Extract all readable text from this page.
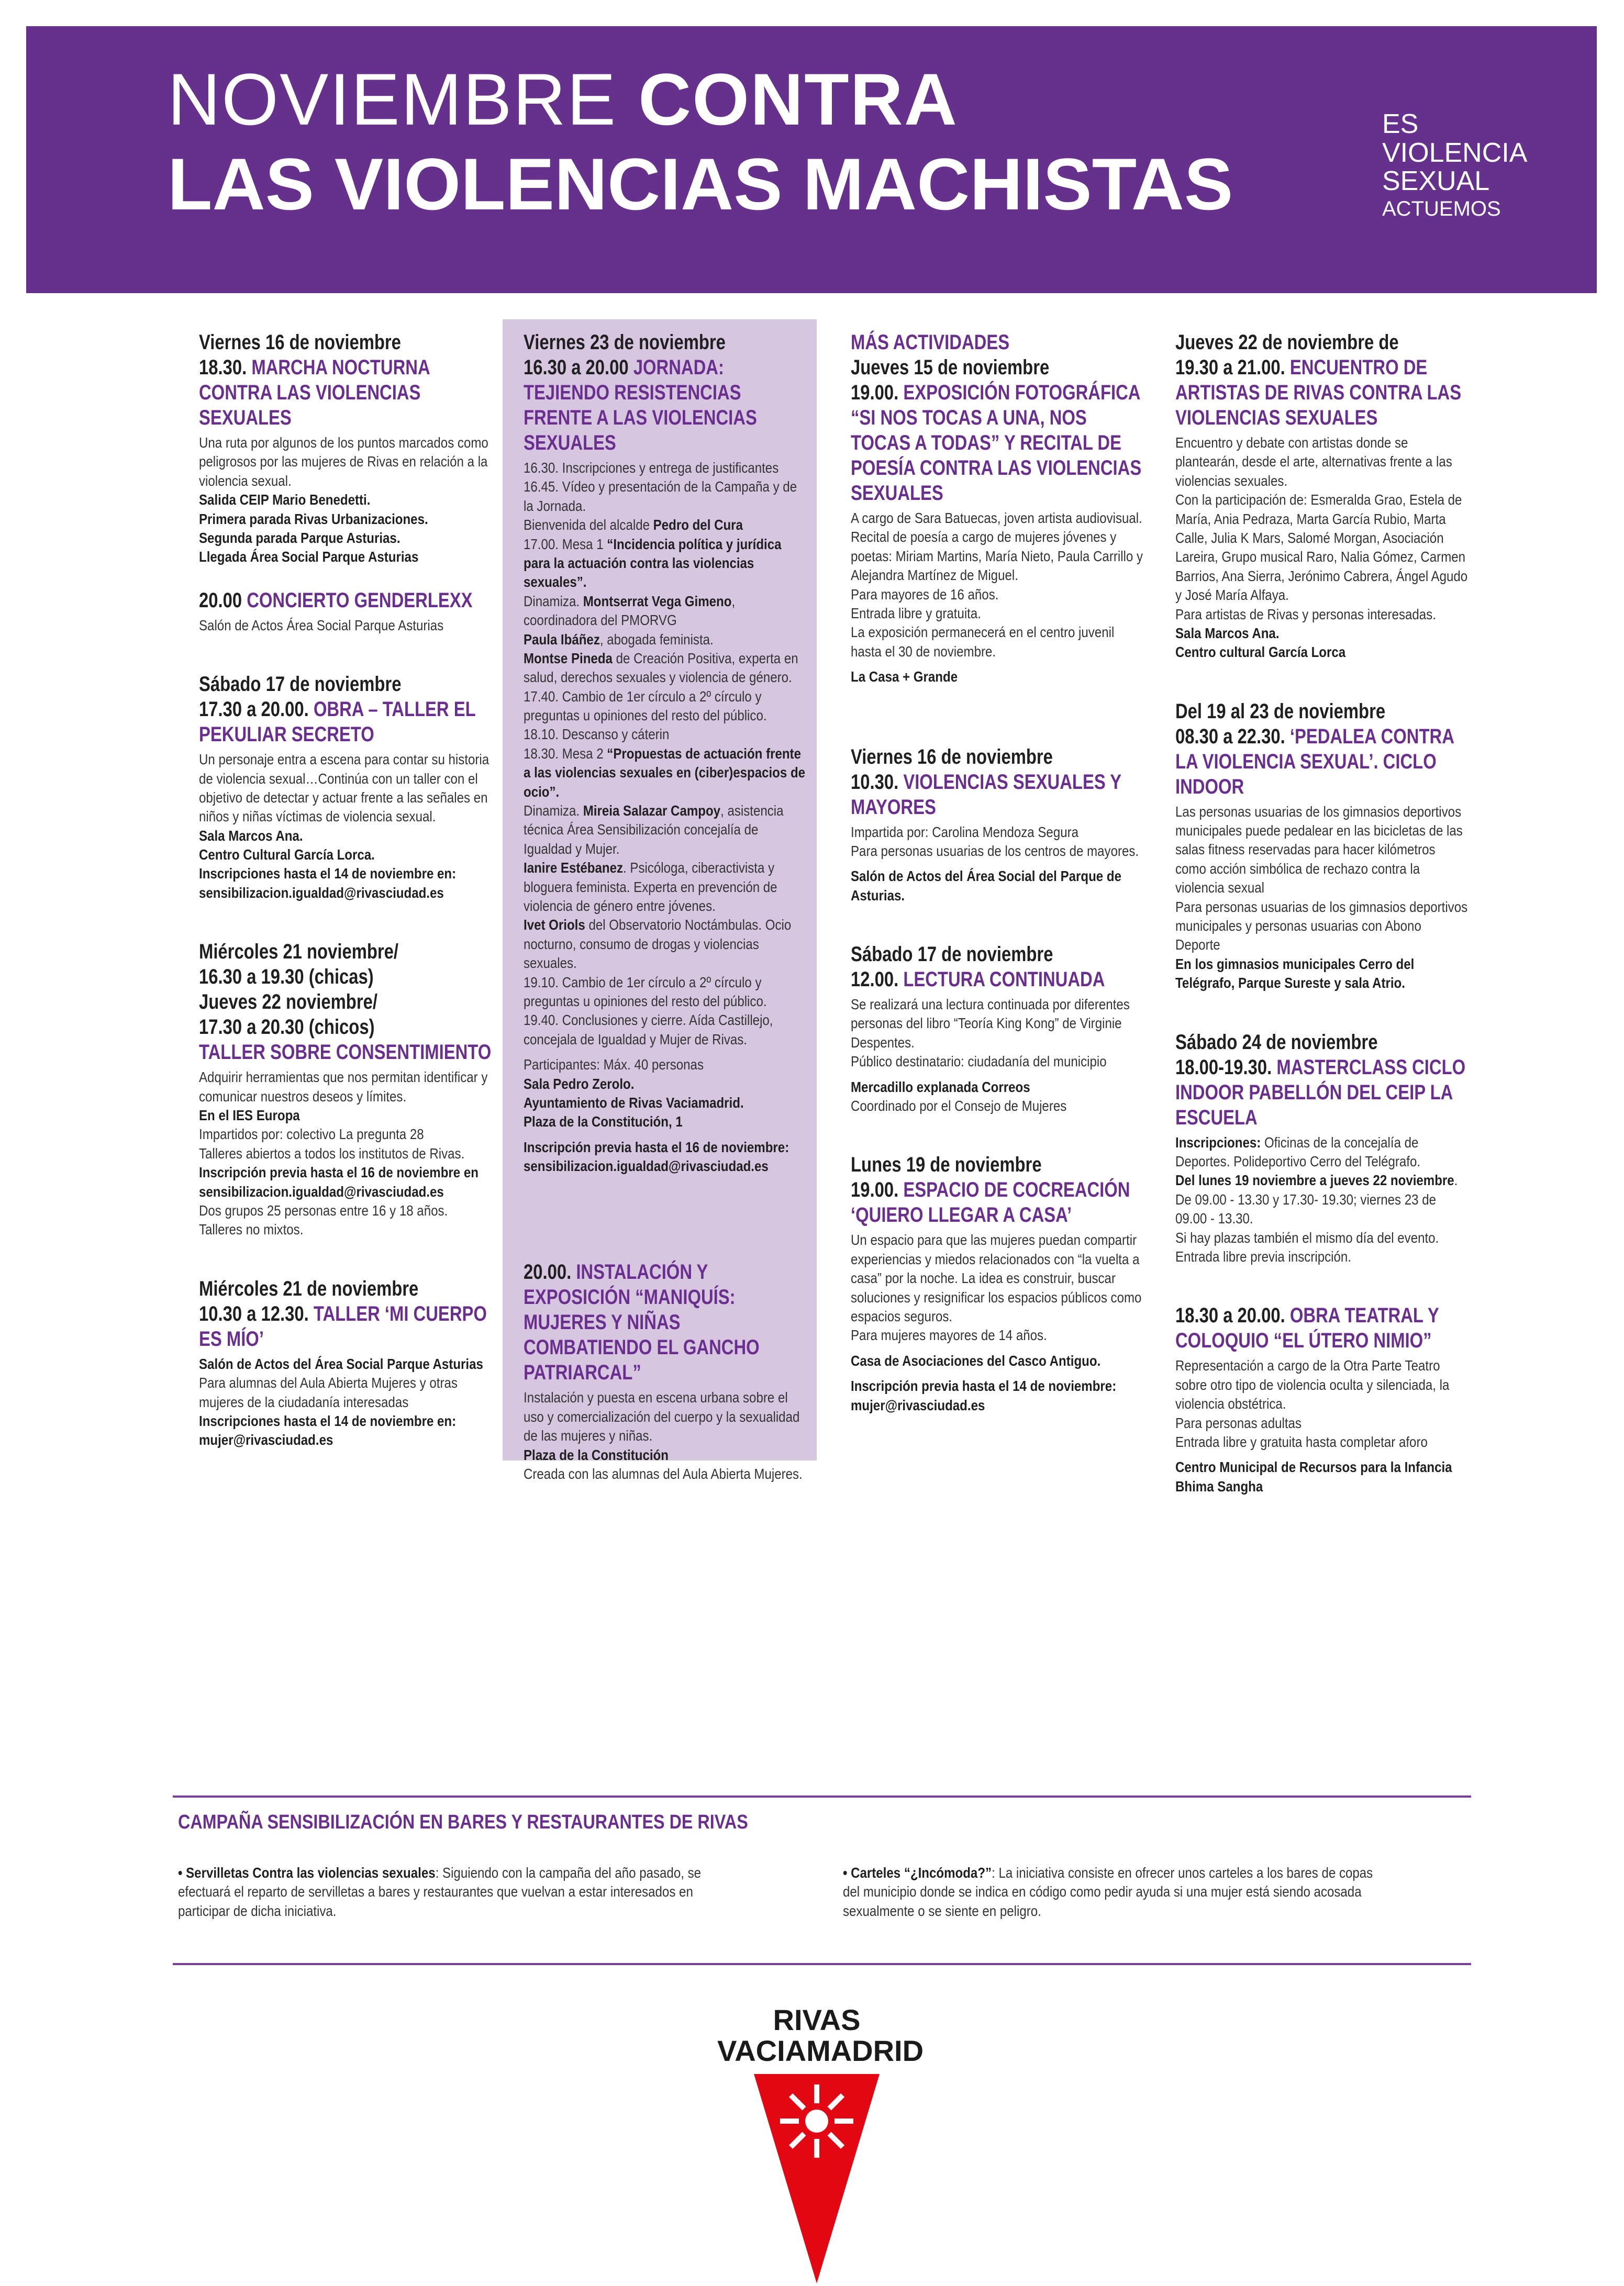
NOVIEMBRE CONTRA
LAS VIOLENCIAS MACHISTAS
ES
VIOLENCIA
SEXUAL
ACTUEMOS
Viernes 16 de noviembre
18.30. MARCHA NOCTURNA CONTRA LAS VIOLENCIAS SEXUALES

Una ruta por algunos de los puntos marcados como peligrosos por las mujeres de Rivas en relación a la violencia sexual.

Salida CEIP Mario Benedetti.

Primera parada Rivas Urbanizaciones.

Segunda parada Parque Asturias.

Llegada Área Social Parque Asturias

20.00 CONCIERTO GENDERLEXX

Salón de Actos Área Social Parque Asturias

Sábado 17 de noviembre
17.30 a 20.00. OBRA – TALLER EL PEKULIAR SECRETO

Un personaje entra a escena para contar su historia de violencia sexual…Continúa con un taller con el objetivo de detectar y actuar frente a las señales en niños y niñas víctimas de violencia sexual.

Sala Marcos Ana.

Centro Cultural García Lorca.

Inscripciones hasta el 14 de noviembre en:

sensibilizacion.igualdad@rivasciudad.es

Miércoles 21 noviembre/
16.30 a 19.30 (chicas)
Jueves 22 noviembre/
17.30 a 20.30 (chicos)
TALLER SOBRE CONSENTIMIENTO

Adquirir herramientas que nos permitan identificar y comunicar nuestros deseos y límites.

En el IES Europa

Impartidos por: colectivo La pregunta 28

Talleres abiertos a todos los institutos de Rivas.

Inscripción previa hasta el 16 de noviembre en sensibilizacion.igualdad@rivasciudad.es

Dos grupos 25 personas entre 16 y 18 años.

Talleres no mixtos.

Miércoles 21 de noviembre
10.30 a 12.30. TALLER ‘MI CUERPO ES MÍO’

Salón de Actos del Área Social Parque Asturias

Para alumnas del Aula Abierta Mujeres y otras mujeres de la ciudadanía interesadas

Inscripciones hasta el 14 de noviembre en:

mujer@rivasciudad.es

Viernes 23 de noviembre
16.30 a 20.00 JORNADA: TEJIENDO RESISTENCIAS FRENTE A LAS VIOLENCIAS SEXUALES

16.30. Inscripciones y entrega de justificantes

16.45. Vídeo y presentación de la Campaña y de la Jornada.

Bienvenida del alcalde Pedro del Cura

17.00. Mesa 1 “Incidencia política y jurídica para la actuación contra las violencias sexuales”.

Dinamiza. Montserrat Vega Gimeno, coordinadora del PMORVG

Paula Ibáñez, abogada feminista.

Montse Pineda de Creación Positiva, experta en salud, derechos sexuales y violencia de género.

17.40. Cambio de 1er círculo a 2º círculo y preguntas u opiniones del resto del público.

18.10. Descanso y cáterin

18.30. Mesa 2 “Propuestas de actuación frente a las violencias sexuales en (ciber)espacios de ocio”.

Dinamiza. Mireia Salazar Campoy, asistencia técnica Área Sensibilización concejalía de Igualdad y Mujer.

Ianire Estébanez. Psicóloga, ciberactivista y bloguera feminista. Experta en prevención de violencia de género entre jóvenes.

Ivet Oriols del Observatorio Noctámbulas. Ocio nocturno, consumo de drogas y violencias sexuales.

19.10. Cambio de 1er círculo a 2º círculo y preguntas u opiniones del resto del público.

19.40. Conclusiones y cierre. Aída Castillejo, concejala de Igualdad y Mujer de Rivas.

Participantes: Máx. 40 personas

Sala Pedro Zerolo.

Ayuntamiento de Rivas Vaciamadrid.

Plaza de la Constitución, 1

Inscripción previa hasta el 16 de noviembre: sensibilizacion.igualdad@rivasciudad.es

20.00. INSTALACIÓN Y EXPOSICIÓN “MANIQUÍS: MUJERES Y NIÑAS COMBATIENDO EL GANCHO PATRIARCAL”

Instalación y puesta en escena urbana sobre el uso y comercialización del cuerpo y la sexualidad de las mujeres y niñas.

Plaza de la Constitución

Creada con las alumnas del Aula Abierta Mujeres.

MÁS ACTIVIDADES
Jueves 15 de noviembre
19.00. EXPOSICIÓN FOTOGRÁFICA “SI NOS TOCAS A UNA, NOS TOCAS A TODAS” Y RECITAL DE POESÍA CONTRA LAS VIOLENCIAS SEXUALES

A cargo de Sara Batuecas, joven artista audiovisual.

Recital de poesía a cargo de mujeres jóvenes y poetas: Miriam Martins, María Nieto, Paula Carrillo y Alejandra Martínez de Miguel.

Para mayores de 16 años.

Entrada libre y gratuita.

La exposición permanecerá en el centro juvenil hasta el 30 de noviembre.

La Casa + Grande

Viernes 16 de noviembre
10.30. VIOLENCIAS SEXUALES Y MAYORES

Impartida por: Carolina Mendoza Segura

Para personas usuarias de los centros de mayores.

Salón de Actos del Área Social del Parque de Asturias.

Sábado 17 de noviembre
12.00. LECTURA CONTINUADA

Se realizará una lectura continuada por diferentes personas del libro “Teoría King Kong” de Virginie Despentes.

Público destinatario: ciudadanía del municipio

Mercadillo explanada Correos

Coordinado por el Consejo de Mujeres

Lunes 19 de noviembre
19.00. ESPACIO DE COCREACIÓN ‘QUIERO LLEGAR A CASA’

Un espacio para que las mujeres puedan compartir experiencias y miedos relacionados con “la vuelta a casa” por la noche. La idea es construir, buscar soluciones y resignificar los espacios públicos como espacios seguros.

Para mujeres mayores de 14 años.

Casa de Asociaciones del Casco Antiguo.

Inscripción previa hasta el 14 de noviembre: mujer@rivasciudad.es

Jueves 22 de noviembre de
19.30 a 21.00. ENCUENTRO DE ARTISTAS DE RIVAS CONTRA LAS VIOLENCIAS SEXUALES

Encuentro y debate con artistas donde se plantearán, desde el arte, alternativas frente a las violencias sexuales.

Con la participación de: Esmeralda Grao, Estela de María, Ania Pedraza, Marta García Rubio, Marta Calle, Julia K Mars, Salomé Morgan, Asociación Lareira, Grupo musical Raro, Nalia Gómez, Carmen Barrios, Ana Sierra, Jerónimo Cabrera, Ángel Agudo y José María Alfaya.

Para artistas de Rivas y personas interesadas.

Sala Marcos Ana.

Centro cultural García Lorca

Del 19 al 23 de noviembre
08.30 a 22.30. ‘PEDALEA CONTRA LA VIOLENCIA SEXUAL’. CICLO INDOOR

Las personas usuarias de los gimnasios deportivos municipales puede pedalear en las bicicletas de las salas fitness reservadas para hacer kilómetros como acción simbólica de rechazo contra la violencia sexual

Para personas usuarias de los gimnasios deportivos municipales y personas usuarias con Abono Deporte

En los gimnasios municipales Cerro del Telégrafo, Parque Sureste y sala Atrio.

Sábado 24 de noviembre
18.00-19.30. MASTERCLASS CICLO INDOOR PABELLÓN DEL CEIP LA ESCUELA

Inscripciones: Oficinas de la concejalía de Deportes. Polideportivo Cerro del Telégrafo.

Del lunes 19 noviembre a jueves 22 noviembre. De 09.00 - 13.30 y 17.30- 19.30; viernes 23 de 09.00 - 13.30.

Si hay plazas también el mismo día del evento.

Entrada libre previa inscripción.

18.30 a 20.00. OBRA TEATRAL Y COLOQUIO “EL ÚTERO NIMIO”

Representación a cargo de la Otra Parte Teatro sobre otro tipo de violencia oculta y silenciada, la violencia obstétrica.

Para personas adultas

Entrada libre y gratuita hasta completar aforo

Centro Municipal de Recursos para la Infancia Bhima Sangha

CAMPAÑA SENSIBILIZACIÓN EN BARES Y RESTAURANTES DE RIVAS
• Servilletas Contra las violencias sexuales: Siguiendo con la campaña del año pasado, se efectuará el reparto de servilletas a bares y restaurantes que vuelvan a estar interesados en participar de dicha iniciativa.
• Carteles “¿Incómoda?”: La iniciativa consiste en ofrecer unos carteles a los bares de copas del municipio donde se indica en código como pedir ayuda si una mujer está siendo acosada sexualmente o se siente en peligro.
RIVAS
VACIAMADRID
